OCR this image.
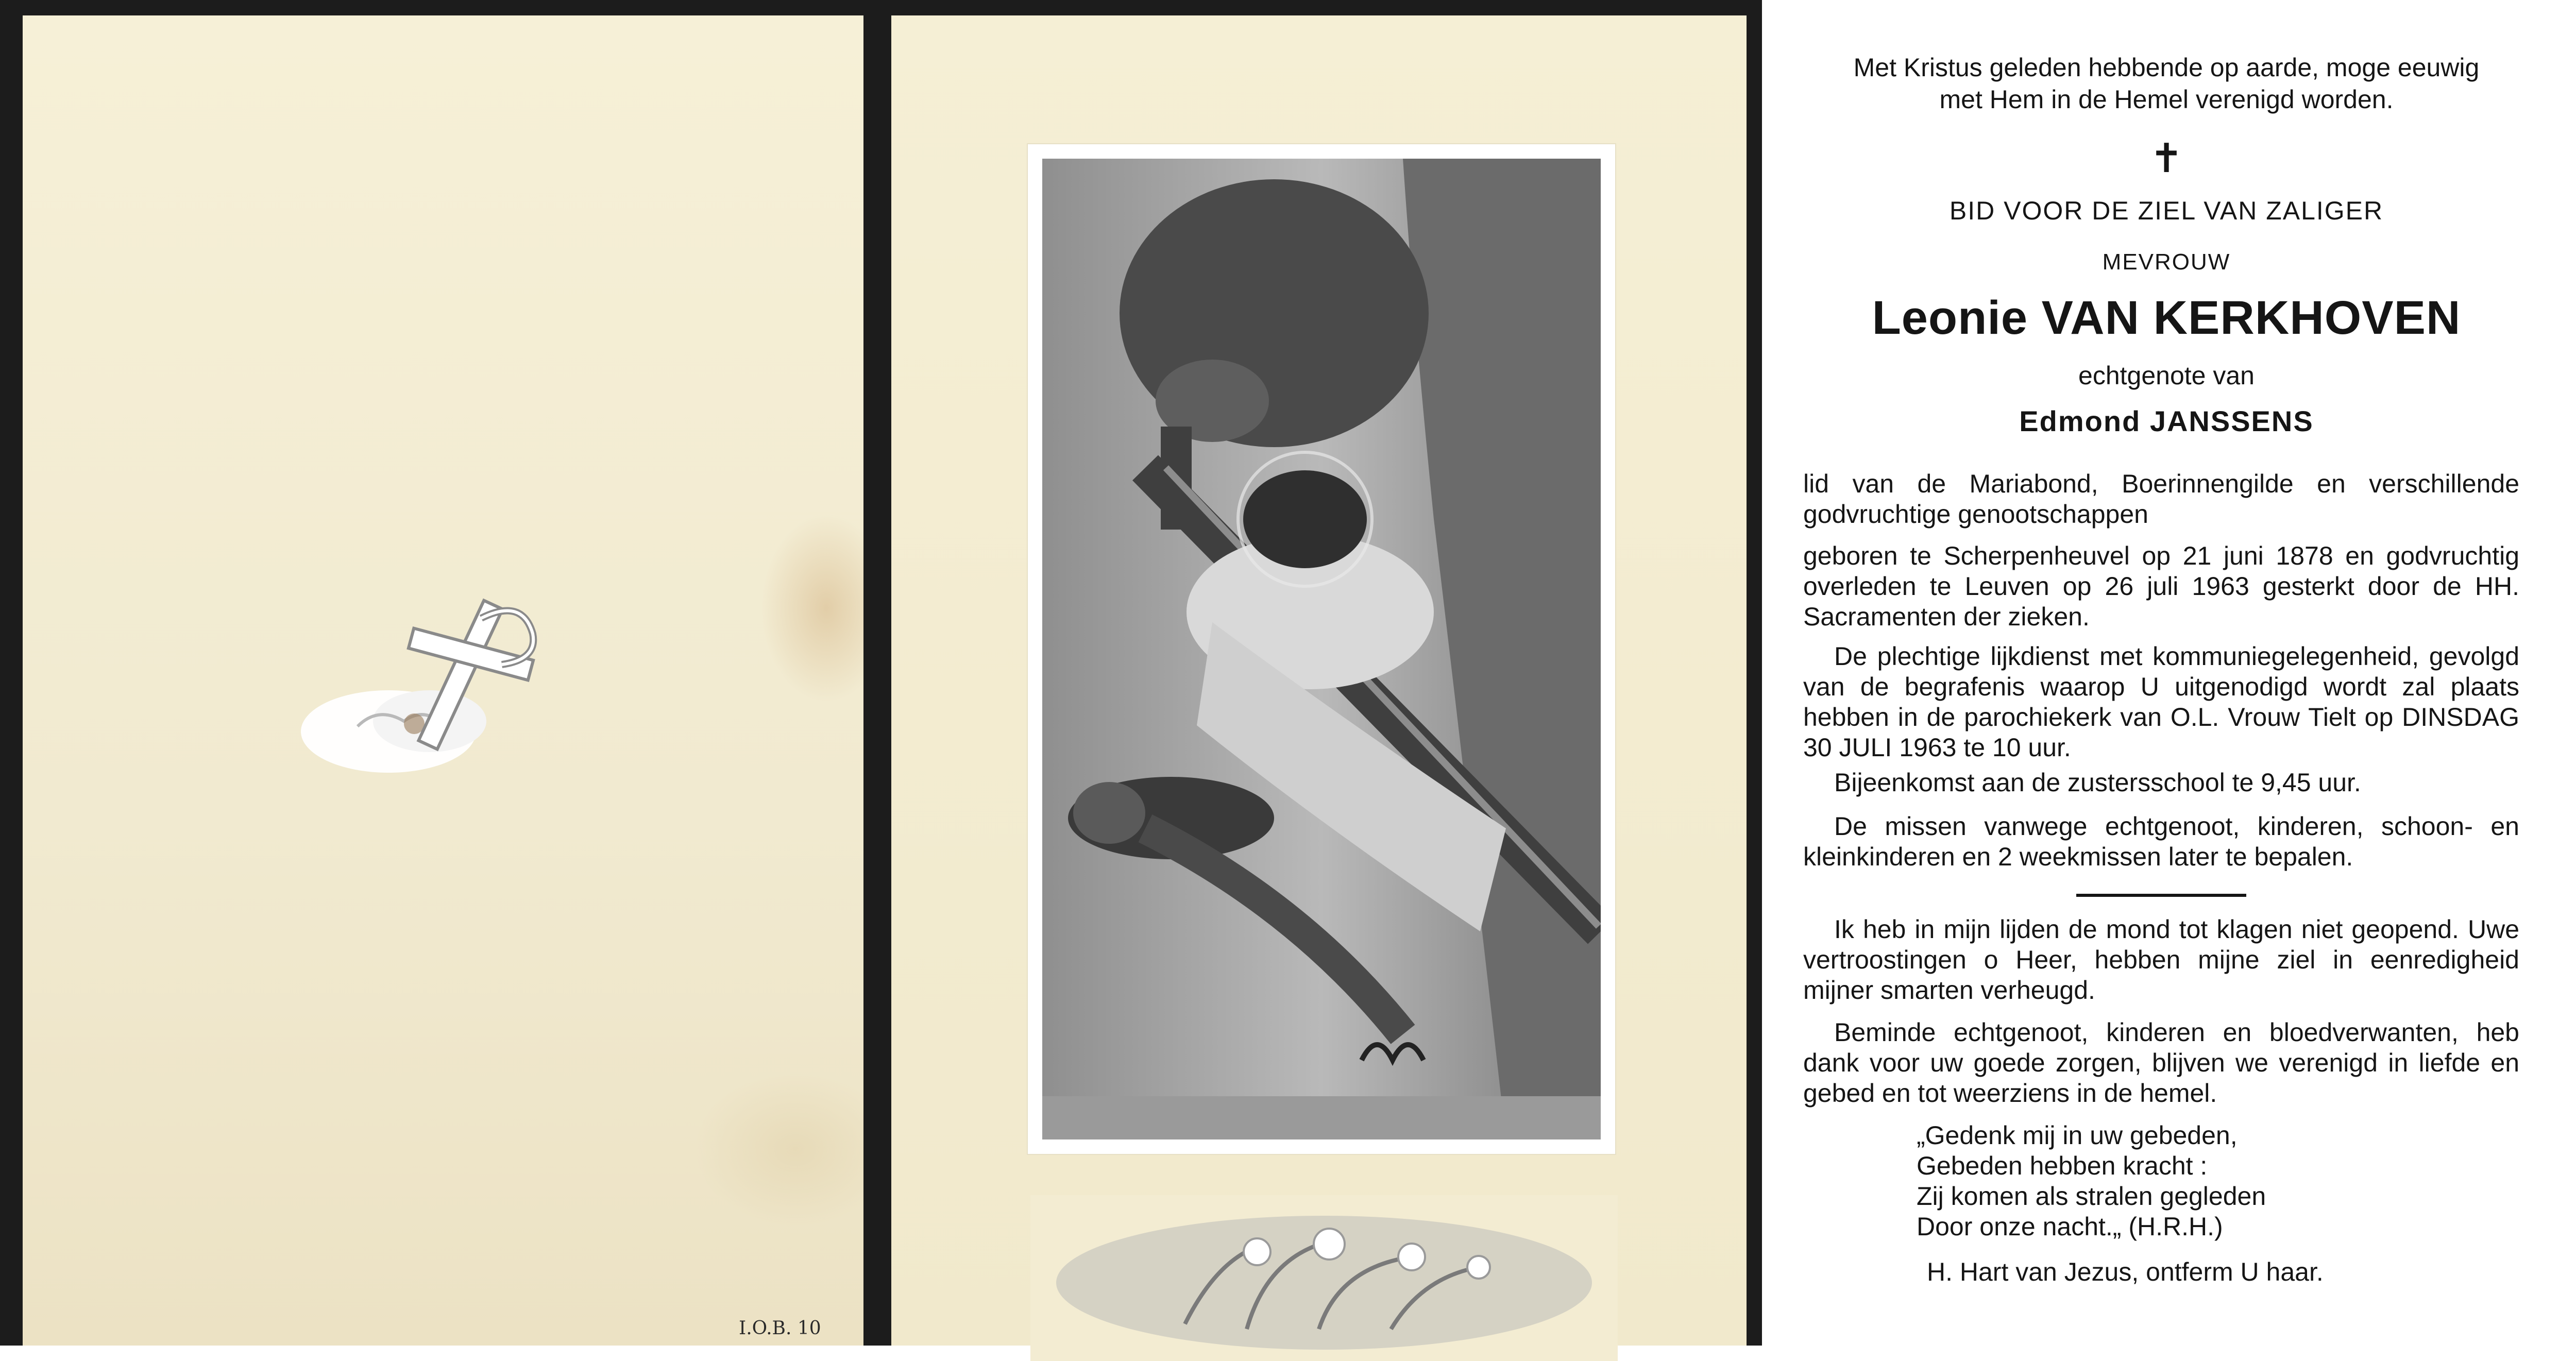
I.O.B. 10
Met Kristus geleden hebbende op aarde, moge eeuwig
met Hem in de Hemel verenigd worden.
✝
BID VOOR DE ZIEL VAN ZALIGER
MEVROUW
Leonie VAN KERKHOVEN
echtgenote van
Edmond JANSSENS
lid van de Mariabond, Boerinnengilde en verschillende godvruchtige genootschappen
geboren te Scherpenheuvel op 21 juni 1878 en godvruchtig overleden te Leuven op 26 juli 1963 gesterkt door de HH. Sacramenten der zieken.
De plechtige lijkdienst met kommuniegelegenheid, gevolgd van de begrafenis waarop U uitgenodigd wordt zal plaats hebben in de parochiekerk van O.L. Vrouw Tielt op DINSDAG 30 JULI 1963 te 10 uur.
Bijeenkomst aan de zustersschool te 9,45 uur.
De missen vanwege echtgenoot, kinderen, schoon- en kleinkinderen en 2 weekmissen later te bepalen.
Ik heb in mijn lijden de mond tot klagen niet geopend. Uwe vertroostingen o Heer, hebben mijne ziel in eenredigheid mijner smarten verheugd.
Beminde echtgenoot, kinderen en bloedverwanten, heb dank voor uw goede zorgen, blijven we verenigd in liefde en gebed en tot weerziens in de hemel.
„Gedenk mij in uw gebeden,
Gebeden hebben kracht :
Zij komen als stralen gegleden
Door onze nacht.„ (H.R.H.)
H. Hart van Jezus, ontferm U haar.
